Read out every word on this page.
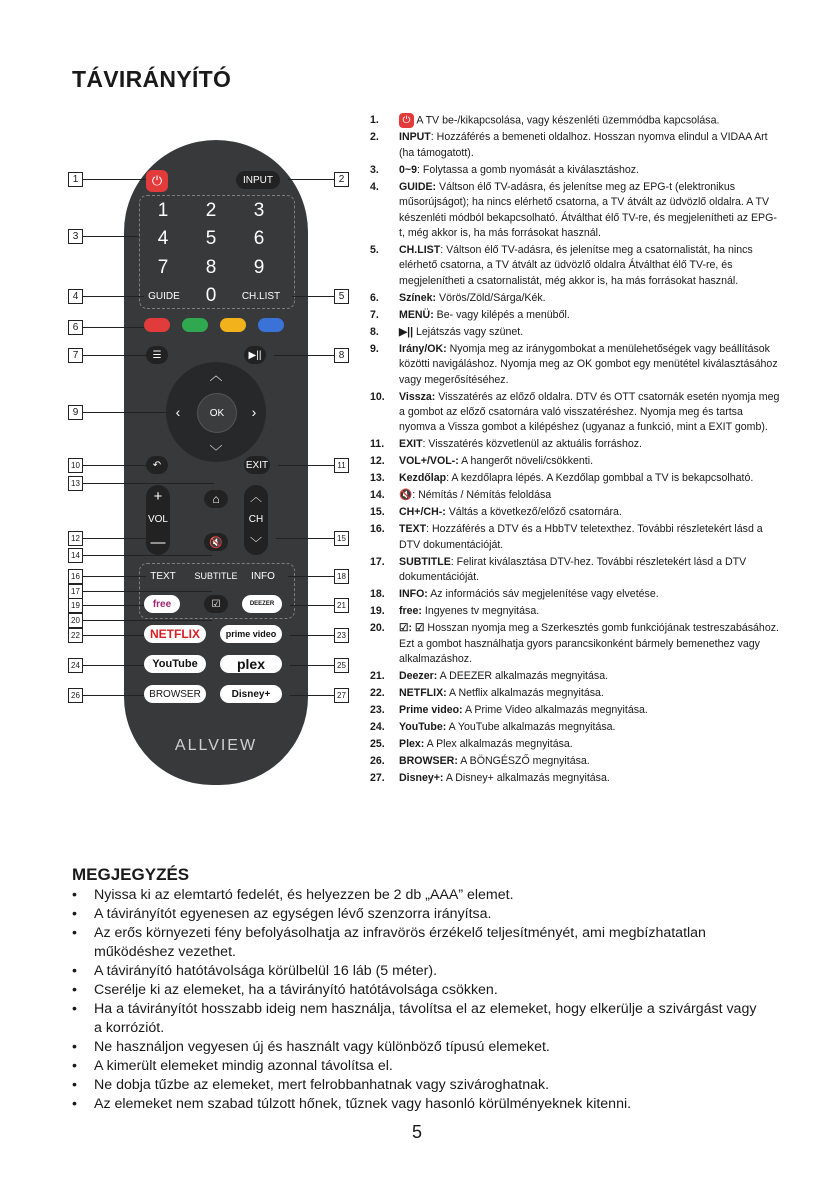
TÁVIRÁNYÍTÓ
⏻	INPUT
1	2	3
4	5	6
7	8	9
GUIDE	0	CH.LIST
☰	▶||
OK
︿
﹀
‹	›
↶	EXIT
+
VOL
—
⌂
🔇
︿
CH
﹀
TEXT	SUBTITLE	INFO
free	☑	DEEZER
NETFLIX	prime video
YouTube	plex
BROWSER	Disney+
ALLVIEW
1
3
4
6
7
9
10
13
12
14
16
17
19
20
22
24
26
2
5
8
11
15
18
21
23
25
27
1.	⏻ A TV be-/kikapcsolása, vagy készenléti üzemmódba kapcsolása.
2.	INPUT: Hozzáférés a bemeneti oldalhoz. Hosszan nyomva elindul a VIDAA Art (ha támogatott).
3.	0~9: Folytassa a gomb nyomását a kiválasztáshoz.
4.	GUIDE: Váltson élő TV-adásra, és jelenítse meg az EPG-t (elektronikus műsorújságot); ha nincs elérhető csatorna, a TV átvált az üdvözlő oldalra. A TV készenléti módból bekapcsolható. Átválthat élő TV-re, és megjelenítheti az EPG-t, még akkor is, ha más forrásokat használ.
5.	CH.LIST: Váltson élő TV-adásra, és jelenítse meg a csatornalistát, ha nincs elérhető csatorna, a TV átvált az üdvözlő oldalra Átválthat élő TV-re, és megjelenítheti a csatornalistát, még akkor is, ha más forrásokat használ.
6.	Színek: Vörös/Zöld/Sárga/Kék.
7.	MENÜ: Be- vagy kilépés a menüből.
8.	▶|| Lejátszás vagy szünet.
9.	Irány/OK: Nyomja meg az iránygombokat a menülehetőségek vagy beállítások közötti navigáláshoz. Nyomja meg az OK gombot egy menütétel kiválasztásához vagy megerősítéséhez.
10.	Vissza: Visszatérés az előző oldalra. DTV és OTT csatornák esetén nyomja meg a gombot az előző csatornára való visszatéréshez. Nyomja meg és tartsa nyomva a Vissza gombot a kilépéshez (ugyanaz a funkció, mint a EXIT gomb).
11.	EXIT: Visszatérés közvetlenül az aktuális forráshoz.
12.	VOL+/VOL-: A hangerőt növeli/csökkenti.
13.	Kezdőlap: A kezdőlapra lépés. A Kezdőlap gombbal a TV is bekapcsolható.
14.	🔇: Némítás / Némítás feloldása
15.	CH+/CH-: Váltás a következő/előző csatornára.
16.	TEXT: Hozzáférés a DTV és a HbbTV teletexthez. További részletekért lásd a DTV dokumentációját.
17.	SUBTITLE: Felirat kiválasztása DTV-hez. További részletekért lásd a DTV dokumentációját.
18.	INFO: Az információs sáv megjelenítése vagy elvetése.
19.	free: Ingyenes tv megnyitása.
20.	☑: ☑ Hosszan nyomja meg a Szerkesztés gomb funkciójának testreszabásához. Ezt a gombot használhatja gyors parancsikonként bármely bemenethez vagy alkalmazáshoz.
21.	Deezer: A DEEZER alkalmazás megnyitása.
22.	NETFLIX: A Netflix alkalmazás megnyitása.
23.	Prime video: A Prime Video alkalmazás megnyitása.
24.	YouTube: A YouTube alkalmazás megnyitása.
25.	Plex: A Plex alkalmazás megnyitása.
26.	BROWSER: A BÖNGÉSZŐ megnyitása.
27.	Disney+: A Disney+ alkalmazás megnyitása.
MEGJEGYZÉS
•	Nyissa ki az elemtartó fedelét, és helyezzen be 2 db „AAA” elemet.
•	A távirányítót egyenesen az egységen lévő szenzorra irányítsa.
•	Az erős környezeti fény befolyásolhatja az infravörös érzékelő teljesítményét, ami megbízhatatlan működéshez vezethet.
•	A távirányító hatótávolsága körülbelül 16 láb (5 méter).
•	Cserélje ki az elemeket, ha a távirányító hatótávolsága csökken.
•	Ha a távirányítót hosszabb ideig nem használja, távolítsa el az elemeket, hogy elkerülje a szivárgást vagy a korróziót.
•	Ne használjon vegyesen új és használt vagy különböző típusú elemeket.
•	A kimerült elemeket mindig azonnal távolítsa el.
•	Ne dobja tűzbe az elemeket, mert felrobbanhatnak vagy szivároghatnak.
•	Az elemeket nem szabad túlzott hőnek, tűznek vagy hasonló körülményeknek kitenni.
5
